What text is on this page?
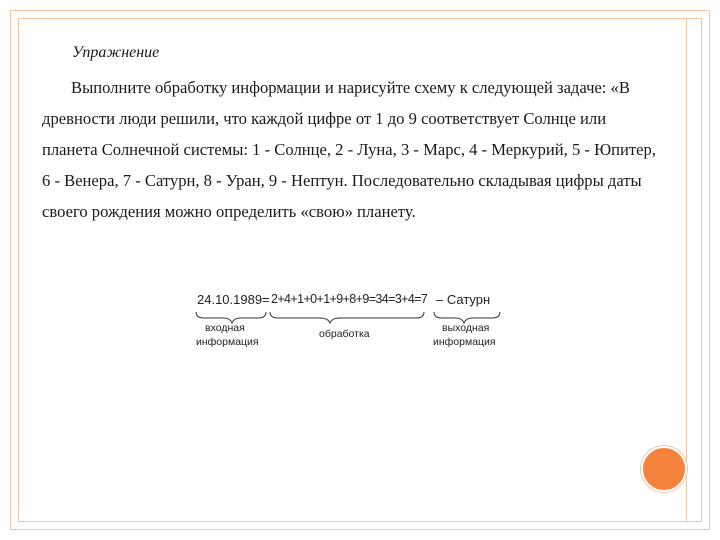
Упражнение

Выполните обработку информации и нарисуйте схему к следующей задаче: «В древности люди решили, что каждой цифре от 1 до 9 соответствует Солнце или планета Солнечной системы: 1 - Солнце, 2 - Луна, 3 - Марс, 4 - Меркурий, 5 - Юпитер, 6 - Венера, 7 - Сатурн, 8 - Уран, 9 - Нептун. Последовательно складывая цифры даты своего рождения можно определить «свою» планету.

24.10.1989 = 2+4+1+0+1+9+8+9=34=3+4=7 – Сатурн
входная
информация
обработка	выходная
информация
